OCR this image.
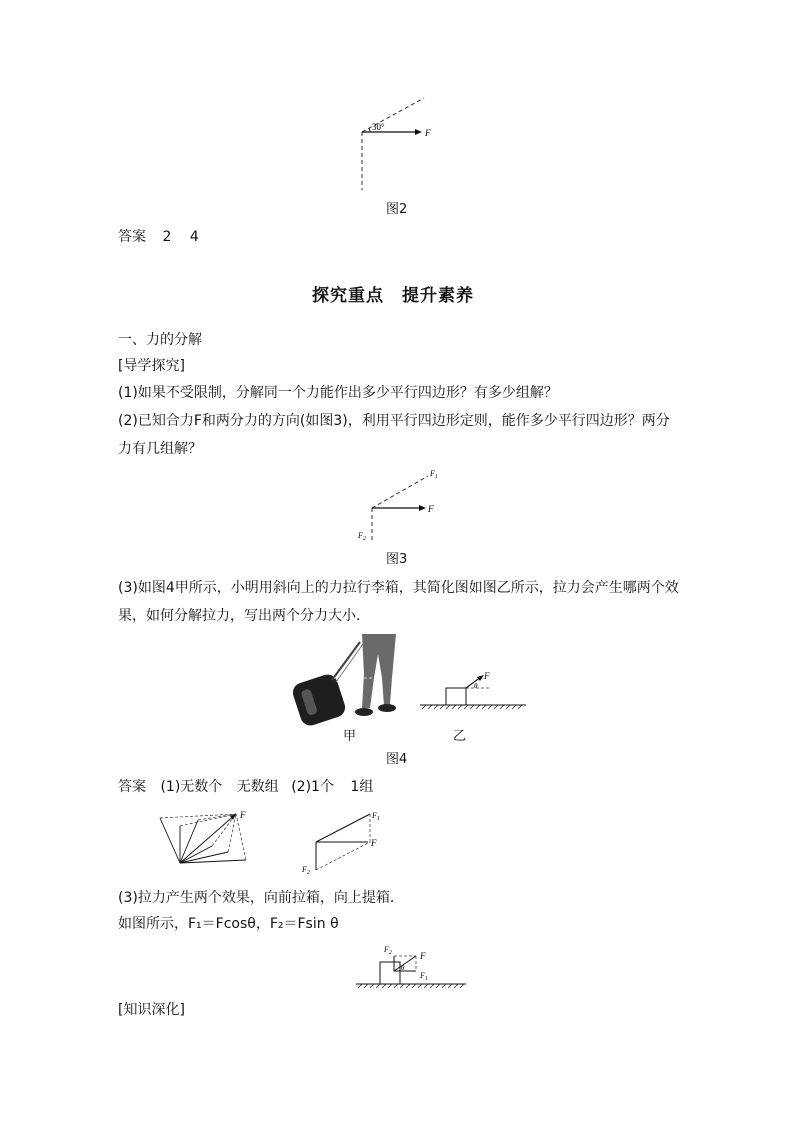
30°
F
图2
答案 2 4
探究重点　提升素养
一、力的分解
[导学探究]
(1)如果不受限制，分解同一个力能作出多少平行四边形？有多少组解？
(2)已知合力F和两分力的方向(如图3)，利用平行四边形定则，能作多少平行四边形？两分
力有几组解？
$F_1$
F
$F_2$
图3
(3)如图4甲所示，小明用斜向上的力拉行李箱，其简化图如图乙所示，拉力会产生哪两个效
果，如何分解拉力，写出两个分力大小．
F
θ	F
θ
甲	乙
图4
答案 (1)无数个 无数组 (2)1个 1组
F	$F_1$
F
$F_2$
(3)拉力产生两个效果，向前拉箱，向上提箱．
如图所示，F₁＝Fcosθ，F₂＝Fsin θ
$F_2$	F
$F_1$
θ
[知识深化]
